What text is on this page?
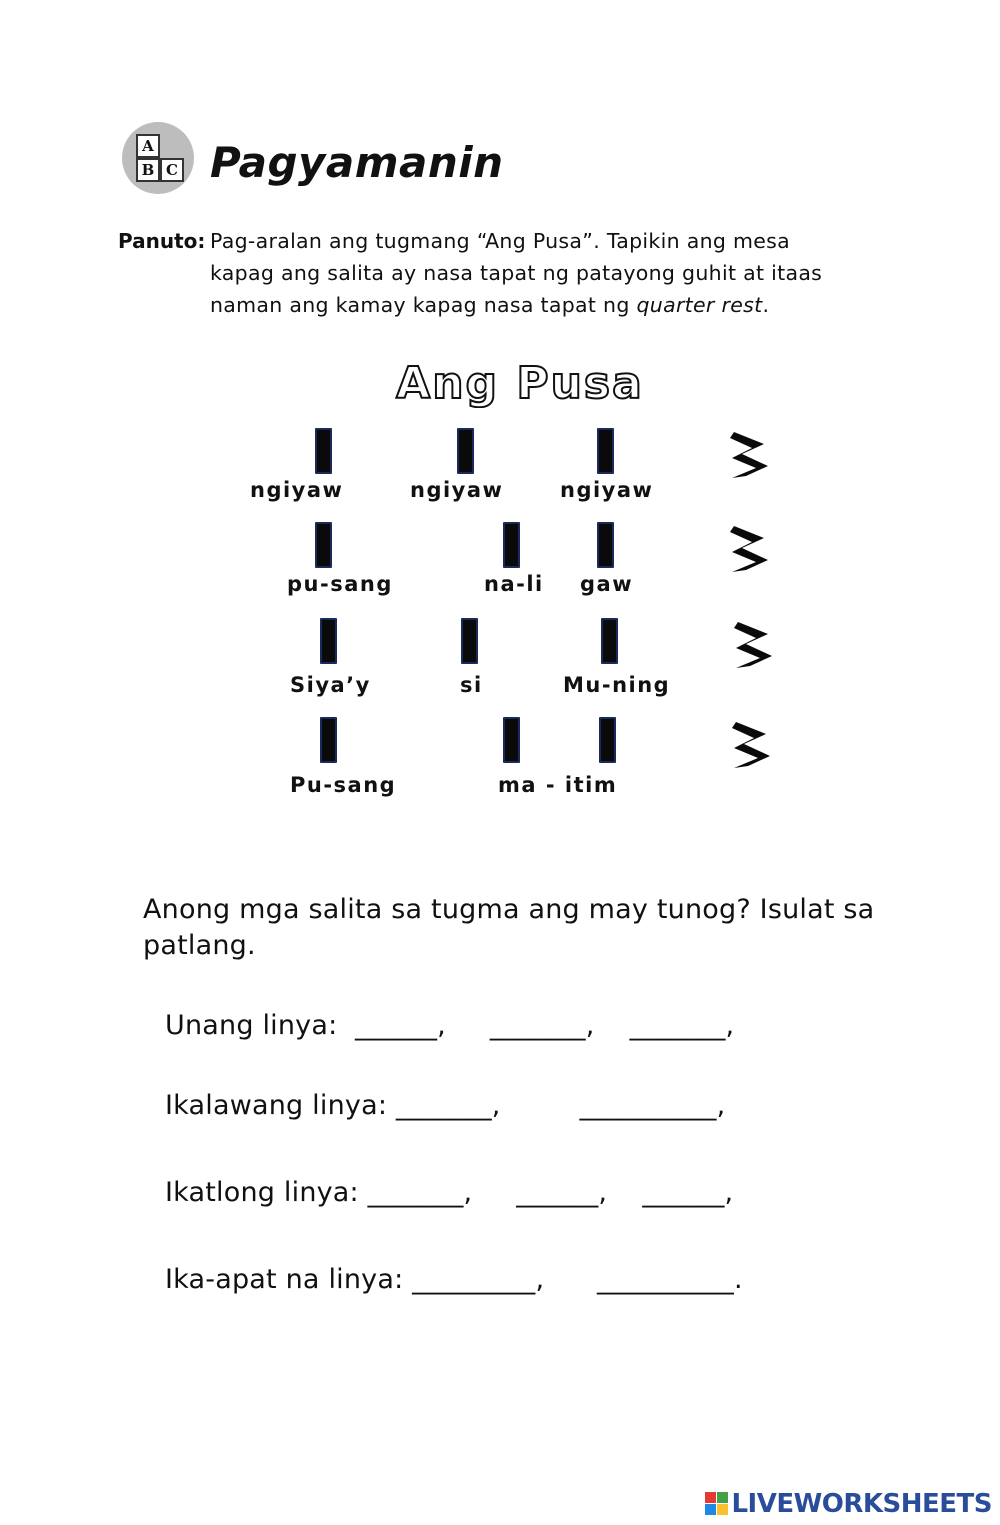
A
B C Pagyamanin
Panuto: Pag-aralan ang tugmang “Ang Pusa”. Tapikin ang mesa
kapag ang salita ay nasa tapat ng patayong guhit at itaas
naman ang kamay kapag nasa tapat ng quarter rest.
Ang Pusa
ngiyaw	ngiyaw	ngiyaw
pu-sang	na-li gaw
Siya’y	si	Mu-ning
Pu-sang	ma - itim
Anong mga salita sa tugma ang may tunog? Isulat sa patlang.
Unang linya:  ______,     _______,    _______,
Ikalawang linya: _______,         __________,
Ikatlong linya: _______,     ______,    ______,
Ika-apat na linya: _________,      __________.
LIVEWORKSHEETS
